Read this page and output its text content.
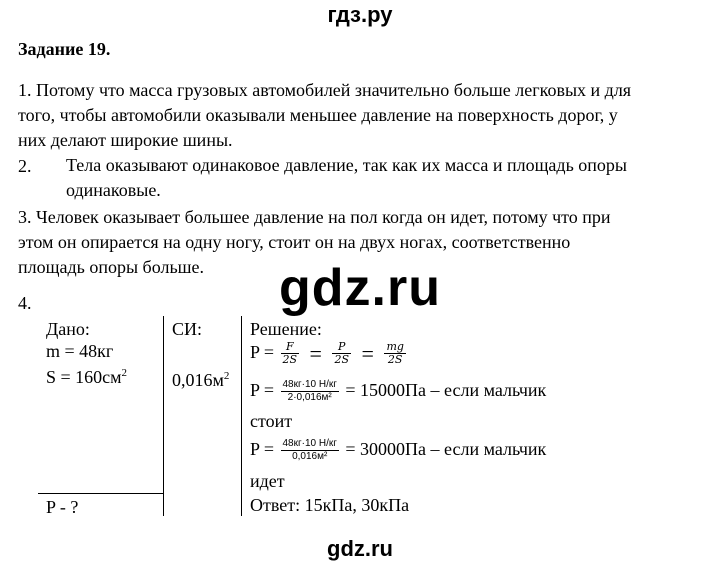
гдз.ру
Задание 19.
1. Потому что масса грузовых автомобилей значительно больше легковых и для
того, чтобы автомобили оказывали меньшее давление на поверхность дорог, у
них делают широкие шины.
2. Тела оказывают одинаковое давление, так как их масса и площадь опоры
одинаковые.
3. Человек оказывает большее давление на пол когда он идет, потому что при
этом он опирается на одну ногу, стоит он на двух ногах, соответственно
площадь опоры больше.
4.	gdz.ru
Дано:
m = 48кг
$S = 160см^2$
P - ?
СИ:
$0,016м^2$
Решение:
$P = \frac{F}{2S} = \frac{P}{2S} = \frac{mg}{2S}$
$P = \frac{48кг\cdot 10 Н/кг}{\text{2·0,016м²}} = 15000Па$ – если мальчик
стоит
$P = \frac{48кг\cdot 10 Н/кг}{\text{0,016м²}} = 30000Па$ – если мальчик
идет
Ответ: 15кПа, 30кПа
gdz.ru
